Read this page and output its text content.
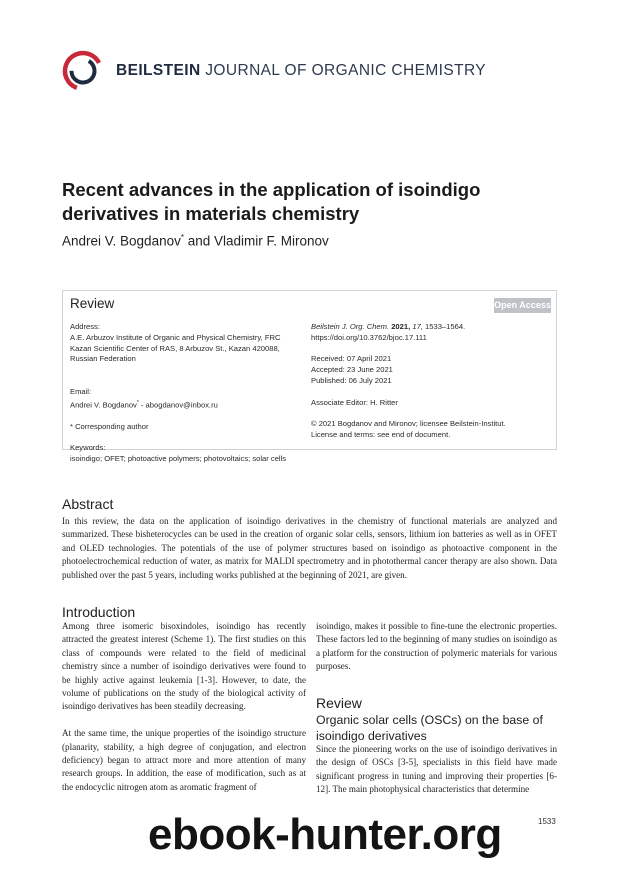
BEILSTEIN JOURNAL OF ORGANIC CHEMISTRY
Recent advances in the application of isoindigo derivatives in materials chemistry
Andrei V. Bogdanov* and Vladimir F. Mironov
Review	Open Access

Address:

A.E. Arbuzov Institute of Organic and Physical Chemistry, FRC Kazan Scientific Center of RAS, 8 Arbuzov St., Kazan 420088, Russian Federation

Email:

Andrei V. Bogdanov* - abogdanov@inbox.ru

* Corresponding author

Keywords:

isoindigo; OFET; photoactive polymers; photovoltaics; solar cells

Beilstein J. Org. Chem. 2021, 17, 1533–1564.

https://doi.org/10.3762/bjoc.17.111

Received: 07 April 2021

Accepted: 23 June 2021

Published: 06 July 2021

Associate Editor: H. Ritter

© 2021 Bogdanov and Mironov; licensee Beilstein-Institut.

License and terms: see end of document.

Abstract

In this review, the data on the application of isoindigo derivatives in the chemistry of functional materials are analyzed and summarized. These bisheterocycles can be used in the creation of organic solar cells, sensors, lithium ion batteries as well as in OFET and OLED technologies. The potentials of the use of polymer structures based on isoindigo as photoactive component in the photoelectrochemical reduction of water, as matrix for MALDI spectrometry and in photothermal cancer therapy are also shown. Data published over the past 5 years, including works published at the beginning of 2021, are given.

Introduction

Among three isomeric bisoxindoles, isoindigo has recently attracted the greatest interest (Scheme 1). The first studies on this class of compounds were related to the field of medicinal chemistry since a number of isoindigo derivatives were found to be highly active against leukemia [1-3]. However, to date, the volume of publications on the study of the biological activity of isoindigo derivatives has been steadily decreasing.

At the same time, the unique properties of the isoindigo structure (planarity, stability, a high degree of conjugation, and electron deficiency) began to attract more and more attention of many research groups. In addition, the ease of modification, such as at the endocyclic nitrogen atom as aromatic fragment of

isoindigo, makes it possible to fine-tune the electronic properties. These factors led to the beginning of many studies on isoindigo as a platform for the construction of polymeric materials for various purposes.

Review
Organic solar cells (OSCs) on the base of isoindigo derivatives

Since the pioneering works on the use of isoindigo derivatives in the design of OSCs [3-5], specialists in this field have made significant progress in tuning and improving their properties [6-12]. The main photophysical characteristics that determine

1533
ebook-hunter.org
